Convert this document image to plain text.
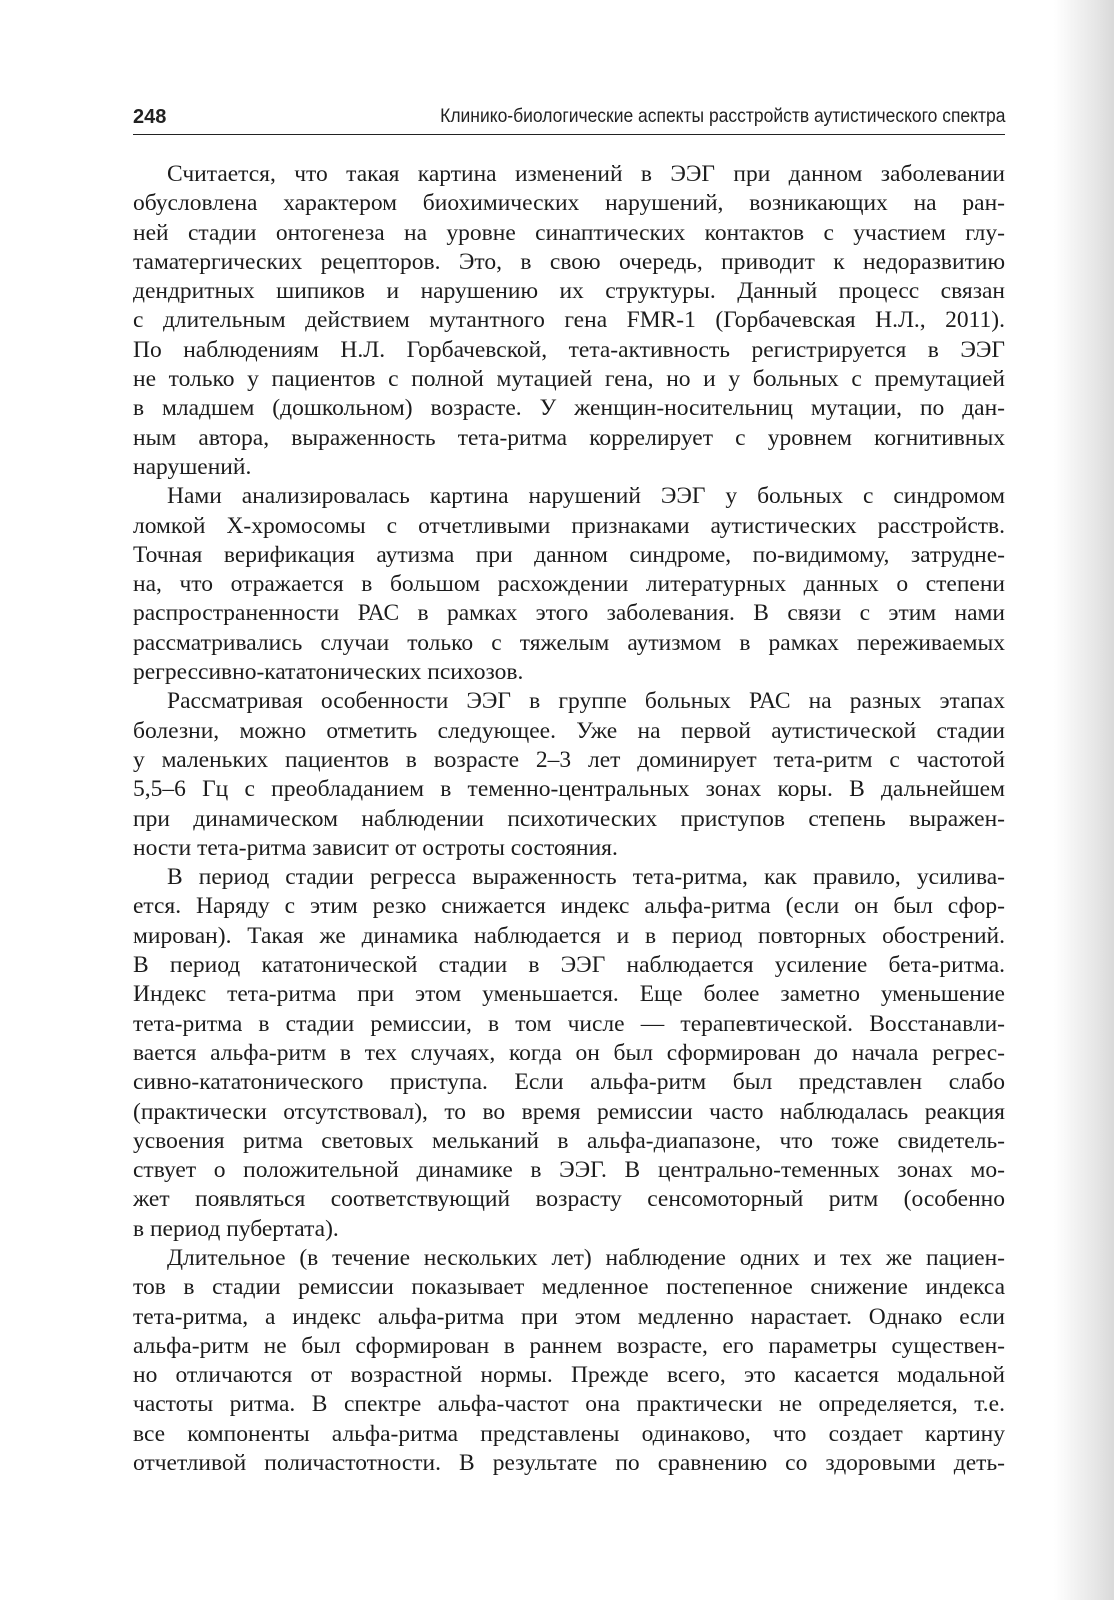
248	Клинико-биологические аспекты расстройств аутистического спектра

Считается, что такая картина изменений в ЭЭГ при данном заболевании
обусловлена характером биохимических нарушений, возникающих на ран-
ней стадии онтогенеза на уровне синаптических контактов с участием глу-
таматергических рецепторов. Это, в свою очередь, приводит к недоразвитию
дендритных шипиков и нарушению их структуры. Данный процесс связан
с длительным действием мутантного гена FMR-1 (Горбачевская Н.Л., 2011).
По наблюдениям Н.Л. Горбачевской, тета-активность регистрируется в ЭЭГ
не только у пациентов с полной мутацией гена, но и у больных с премутацией
в младшем (дошкольном) возрасте. У женщин-носительниц мутации, по дан-
ным автора, выраженность тета-ритма коррелирует с уровнем когнитивных
нарушений.

Нами анализировалась картина нарушений ЭЭГ у больных с синдромом
ломкой Х-хромосомы с отчетливыми признаками аутистических расстройств.
Точная верификация аутизма при данном синдроме, по-видимому, затрудне-
на, что отражается в большом расхождении литературных данных о степени
распространенности РАС в рамках этого заболевания. В связи с этим нами
рассматривались случаи только с тяжелым аутизмом в рамках переживаемых
регрессивно-кататонических психозов.

Рассматривая особенности ЭЭГ в группе больных РАС на разных этапах
болезни, можно отметить следующее. Уже на первой аутистической стадии
у маленьких пациентов в возрасте 2–3 лет доминирует тета-ритм с частотой
5,5–6 Гц с преобладанием в теменно-центральных зонах коры. В дальнейшем
при динамическом наблюдении психотических приступов степень выражен-
ности тета-ритма зависит от остроты состояния.

В период стадии регресса выраженность тета-ритма, как правило, усилива-
ется. Наряду с этим резко снижается индекс альфа-ритма (если он был сфор-
мирован). Такая же динамика наблюдается и в период повторных обострений.
В период кататонической стадии в ЭЭГ наблюдается усиление бета-ритма.
Индекс тета-ритма при этом уменьшается. Еще более заметно уменьшение
тета-ритма в стадии ремиссии, в том числе — терапевтической. Восстанавли-
вается альфа-ритм в тех случаях, когда он был сформирован до начала регрес-
сивно-кататонического приступа. Если альфа-ритм был представлен слабо
(практически отсутствовал), то во время ремиссии часто наблюдалась реакция
усвоения ритма световых мельканий в альфа-диапазоне, что тоже свидетель-
ствует о положительной динамике в ЭЭГ. В центрально-теменных зонах мо-
жет появляться соответствующий возрасту сенсомоторный ритм (особенно
в период пубертата).

Длительное (в течение нескольких лет) наблюдение одних и тех же пациен-
тов в стадии ремиссии показывает медленное постепенное снижение индекса
тета-ритма, а индекс альфа-ритма при этом медленно нарастает. Однако если
альфа-ритм не был сформирован в раннем возрасте, его параметры существен-
но отличаются от возрастной нормы. Прежде всего, это касается модальной
частоты ритма. В спектре альфа-частот она практически не определяется, т.е.
все компоненты альфа-ритма представлены одинаково, что создает картину
отчетливой поличастотности. В результате по сравнению со здоровыми деть-
